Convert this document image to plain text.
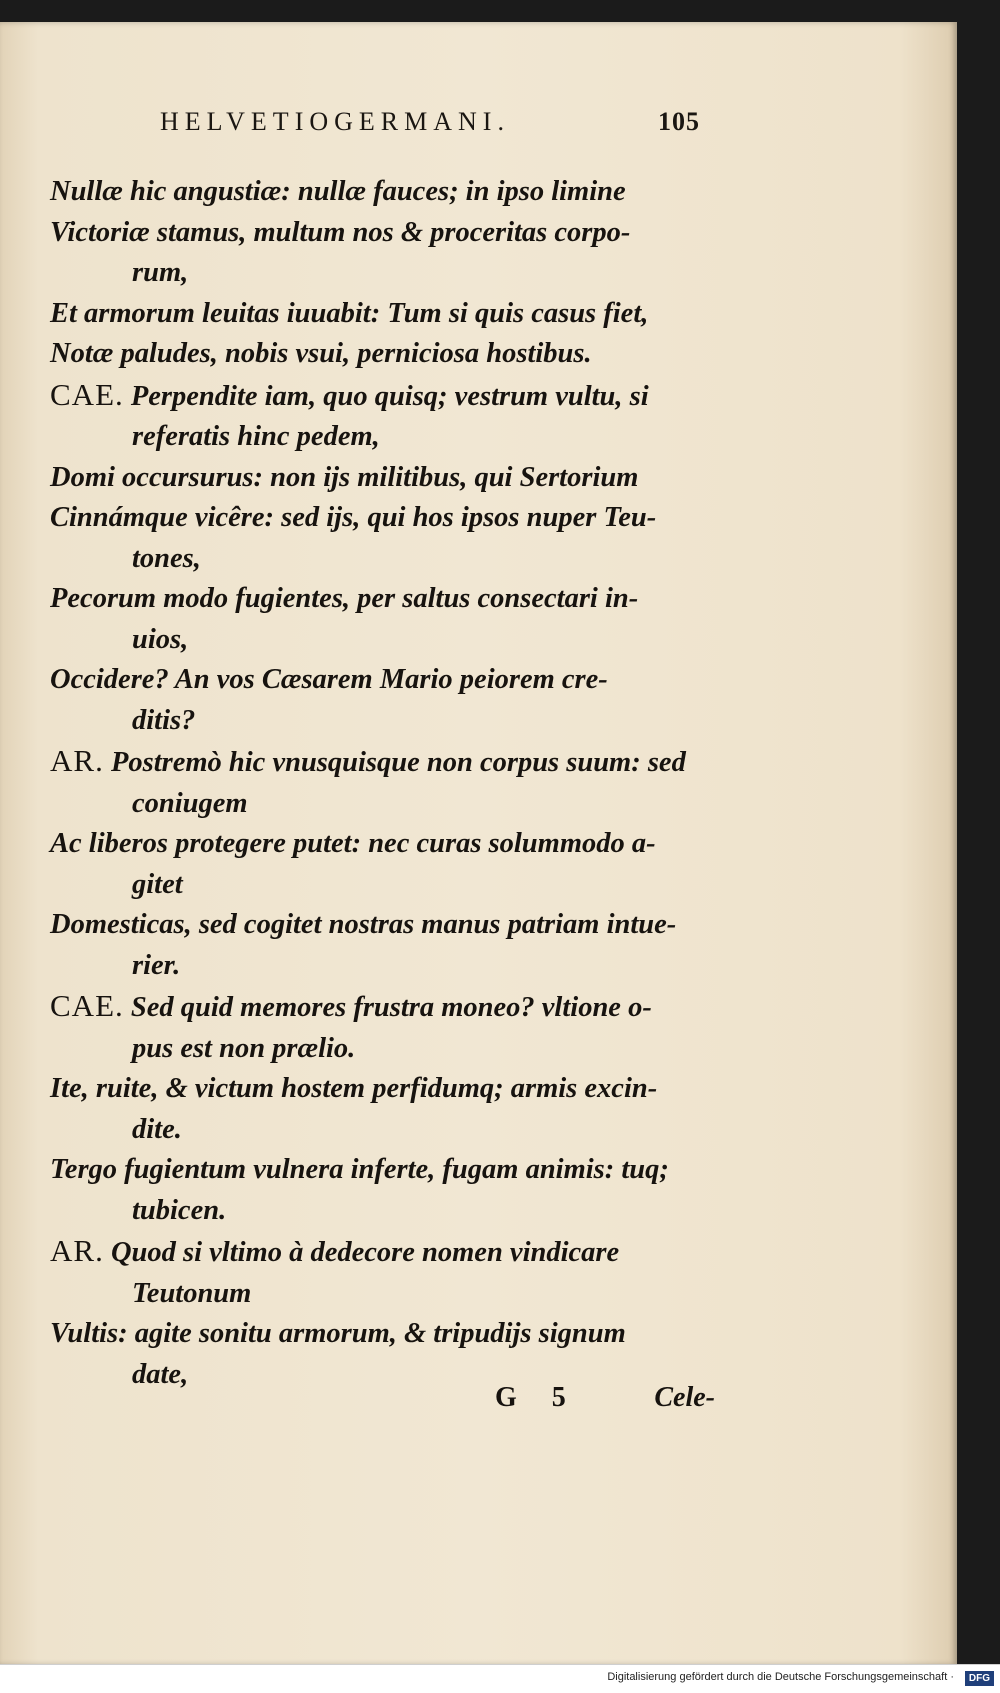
HELVETIOGERMANI.	105
Nullæ hic angustiæ: nullæ fauces; in ipso limine
Victoriæ stamus, multum nos & proceritas corpo-
rum,
Et armorum leuitas iuuabit: Tum si quis casus fiet,
Notæ paludes, nobis vsui, perniciosa hostibus.
CAE. Perpendite iam, quo quisq; vestrum vultu, si
referatis hinc pedem,
Domi occursurus: non ijs militibus, qui Sertorium
Cinnámque vicêre: sed ijs, qui hos ipsos nuper Teu-
tones,
Pecorum modo fugientes, per saltus consectari in-
uios,
Occidere? An vos Cæsarem Mario peiorem cre-
ditis?
AR. Postremò hic vnusquisque non corpus suum: sed
coniugem
Ac liberos protegere putet: nec curas solummodo a-
gitet
Domesticas, sed cogitet nostras manus patriam intue-
rier.
CAE. Sed quid memores frustra moneo? vltione o-
pus est non prælio.
Ite, ruite, & victum hostem perfidumq; armis excin-
dite.
Tergo fugientum vulnera inferte, fugam animis: tuq;
tubicen.
AR. Quod si vltimo à dedecore nomen vindicare
Teutonum
Vultis: agite sonitu armorum, & tripudijs signum
date,
G 5	Cele-
Digitalisierung gefördert durch die Deutsche Forschungsgemeinschaft ·	DFG
